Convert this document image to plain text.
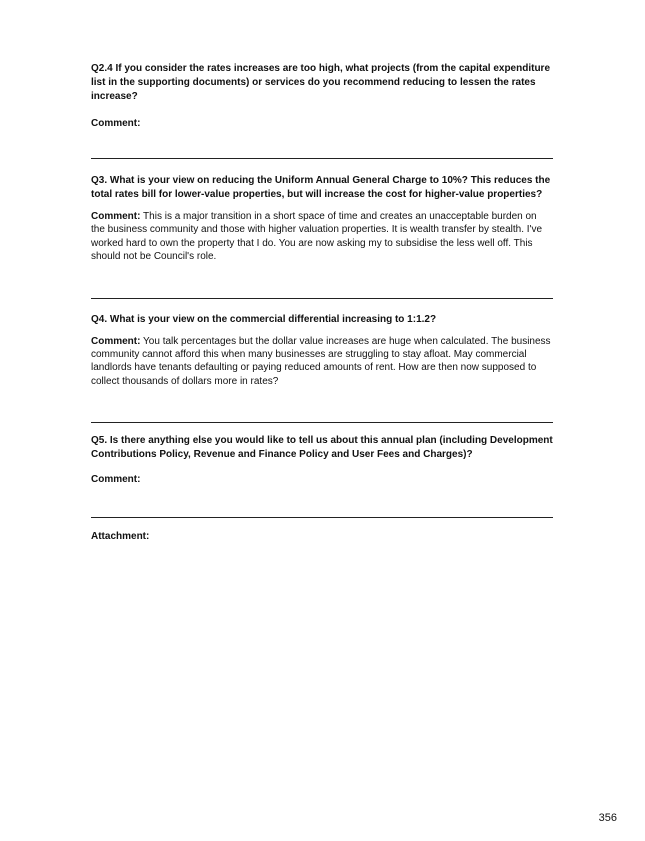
Q2.4 If you consider the rates increases are too high, what projects (from the capital expenditure list in the supporting documents) or services do you recommend reducing to lessen the rates increase?

Comment:

Q3. What is your view on reducing the Uniform Annual General Charge to 10%? This reduces the total rates bill for lower-value properties, but will increase the cost for higher-value properties?

Comment: This is a major transition in a short space of time and creates an unacceptable burden on the business community and those with higher valuation properties. It is wealth transfer by stealth. I've worked hard to own the property that I do. You are now asking my to subsidise the less well off. This should not be Council's role.

Q4. What is your view on the commercial differential increasing to 1:1.2?

Comment: You talk percentages but the dollar value increases are huge when calculated. The business community cannot afford this when many businesses are struggling to stay afloat. May commercial landlords have tenants defaulting or paying reduced amounts of rent. How are then now supposed to collect thousands of dollars more in rates?

Q5. Is there anything else you would like to tell us about this annual plan (including Development Contributions Policy, Revenue and Finance Policy and User Fees and Charges)?

Comment:

Attachment:

356
